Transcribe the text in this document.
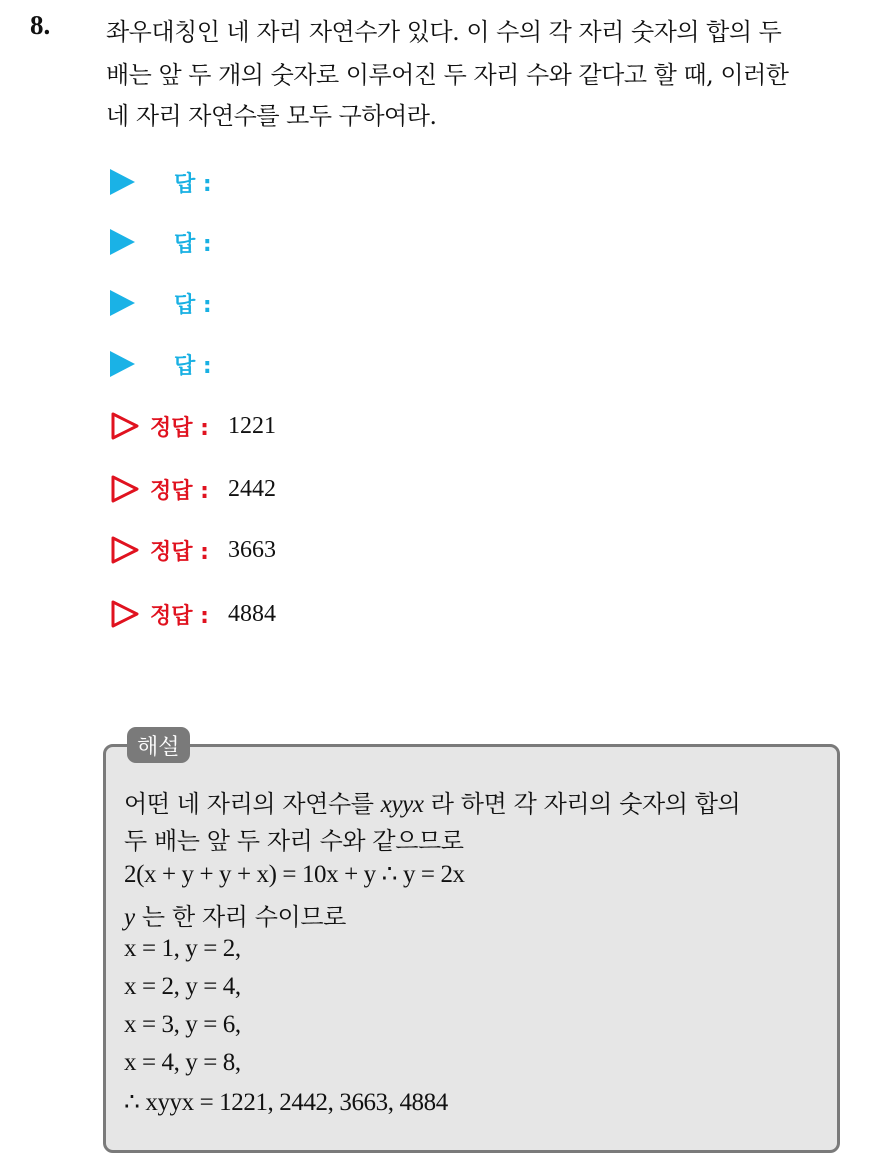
8. 좌우대칭인 네 자리 자연수가 있다. 이 수의 각 자리 숫자의 합의 두
배는 앞 두 개의 숫자로 이루어진 두 자리 수와 같다고 할 때, 이러한
네 자리 자연수를 모두 구하여라.
답 :
답 :
답 :
답 :
정답 : 1221
정답 : 2442
정답 : 3663
정답 : 4884
해설
어떤 네 자리의 자연수를 xyyx 라 하면 각 자리의 숫자의 합의
두 배는 앞 두 자리 수와 같으므로
2(x + y + y + x) = 10x + y ∴ y = 2x
y 는 한 자리 수이므로
x = 1, y = 2,
x = 2, y = 4,
x = 3, y = 6,
x = 4, y = 8,
∴ xyyx = 1221, 2442, 3663, 4884
